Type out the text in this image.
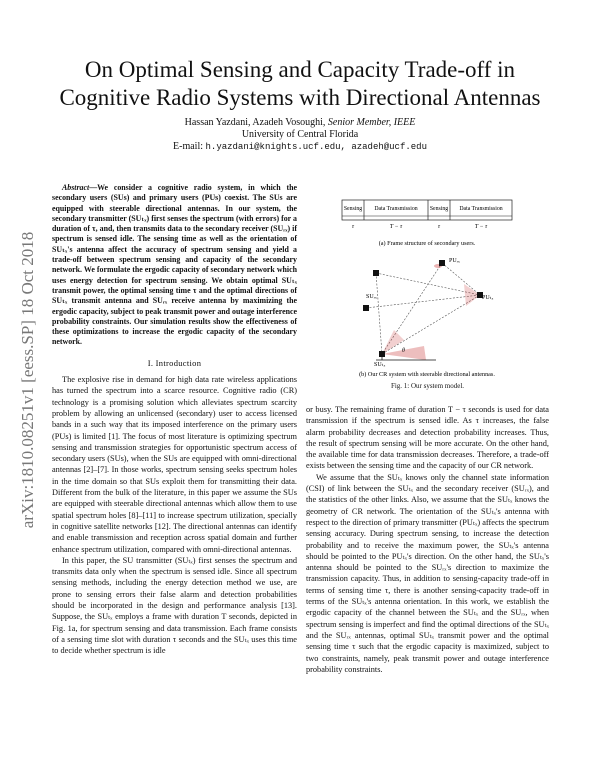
On Optimal Sensing and Capacity Trade-off in
Cognitive Radio Systems with Directional Antennas
Hassan Yazdani, Azadeh Vosoughi, Senior Member, IEEE
University of Central Florida
E-mail: h.yazdani@knights.ucf.edu, azadeh@ucf.edu
arXiv:1810.08251v1 [eess.SP] 18 Oct 2018

Abstract—We consider a cognitive radio system, in which the secondary users (SUs) and primary users (PUs) coexist. The SUs are equipped with steerable directional antennas. In our system, the secondary transmitter (SUₜₓ) first senses the spectrum (with errors) for a duration of τ, and, then transmits data to the secondary receiver (SUᵣₓ) if spectrum is sensed idle. The sensing time as well as the orientation of SUₜₓ's antenna affect the accuracy of spectrum sensing and yield a trade-off between spectrum sensing and capacity of the secondary network. We formulate the ergodic capacity of secondary network which uses energy detection for spectrum sensing. We obtain optimal SUₜₓ transmit power, the optimal sensing time τ and the optimal directions of SUₜₓ transmit antenna and SUᵣₓ receive antenna by maximizing the ergodic capacity, subject to peak transmit power and outage interference probability constraints. Our simulation results show the effectiveness of these optimizations to increase the ergodic capacity of the secondary network.

I. Introduction

The explosive rise in demand for high data rate wireless applications has turned the spectrum into a scarce resource. Cognitive radio (CR) technology is a promising solution which alleviates spectrum scarcity problem by allowing an unlicensed (secondary) user to access licensed bands in a such way that its imposed interference on the primary users (PUs) is limited [1]. The focus of most literature is optimizing spectrum sensing and transmission strategies for opportunistic spectrum access of secondary users (SUs), when the SUs are equipped with omni-directional antennas [2]–[7]. In those works, spectrum sensing seeks spectrum holes in the time domain so that SUs exploit them for transmitting their data. Different from the bulk of the literature, in this paper we assume the SUs are equipped with steerable directional antennas which allow them to use spatial spectrum holes [8]–[11] to increase spectrum utilization, specially in cognitive satellite networks [12]. The directional antennas can identify and enable transmission and reception across spatial domain and further enhance spectrum utilization, compared with omni-directional antennas.

In this paper, the SU transmitter (SUₜₓ) first senses the spectrum and transmits data only when the spectrum is sensed idle. Since all spectrum sensing methods, including the energy detection method we use, are prone to sensing errors their false alarm and detection probabilities should be incorporated in the design and performance analysis [13]. Suppose, the SUₜₓ employs a frame with duration T seconds, depicted in Fig. 1a, for spectrum sensing and data transmission. Each frame consists of a sensing time slot with duration τ seconds and the SUₜₓ uses this time to decide whether spectrum is idle

Sensing Data Transmission Sensing Data Transmission
τ	T − τ	τ	T − τ
(a) Frame structure of secondary users.
PUᵣₓ
PUₜₓ
SUᵣₓ
SUₜₓ
θ
(b) Our CR system with steerable directional antennas.
Fig. 1: Our system model.

or busy. The remaining frame of duration T − τ seconds is used for data transmission if the spectrum is sensed idle. As τ increases, the false alarm probability decreases and detection probability increases. Thus, the result of spectrum sensing will be more accurate. On the other hand, the available time for data transmission decreases. Therefore, a trade-off exists between the sensing time and the capacity of our CR network.

We assume that the SUₜₓ knows only the channel state information (CSI) of link between the SUₜₓ and the secondary receiver (SUᵣₓ), and the statistics of the other links. Also, we assume that the SUₜₓ knows the geometry of CR network. The orientation of the SUₜₓ's antenna with respect to the direction of primary transmitter (PUₜₓ) affects the spectrum sensing accuracy. During spectrum sensing, to increase the detection probability and to receive the maximum power, the SUₜₓ's antenna should be pointed to the PUₜₓ's direction. On the other hand, the SUₜₓ's antenna should be pointed to the SUᵣₓ's direction to maximize the transmission capacity. Thus, in addition to sensing-capacity trade-off in terms of sensing time τ, there is another sensing-capacity trade-off in terms of the SUₜₓ's antenna orientation. In this work, we establish the ergodic capacity of the channel between the SUₜₓ and the SUᵣₓ, when spectrum sensing is imperfect and find the optimal directions of the SUₜₓ and the SUᵣₓ antennas, optimal SUₜₓ transmit power and the optimal sensing time τ such that the ergodic capacity is maximized, subject to two constraints, namely, peak transmit power and outage interference probability constraints.
